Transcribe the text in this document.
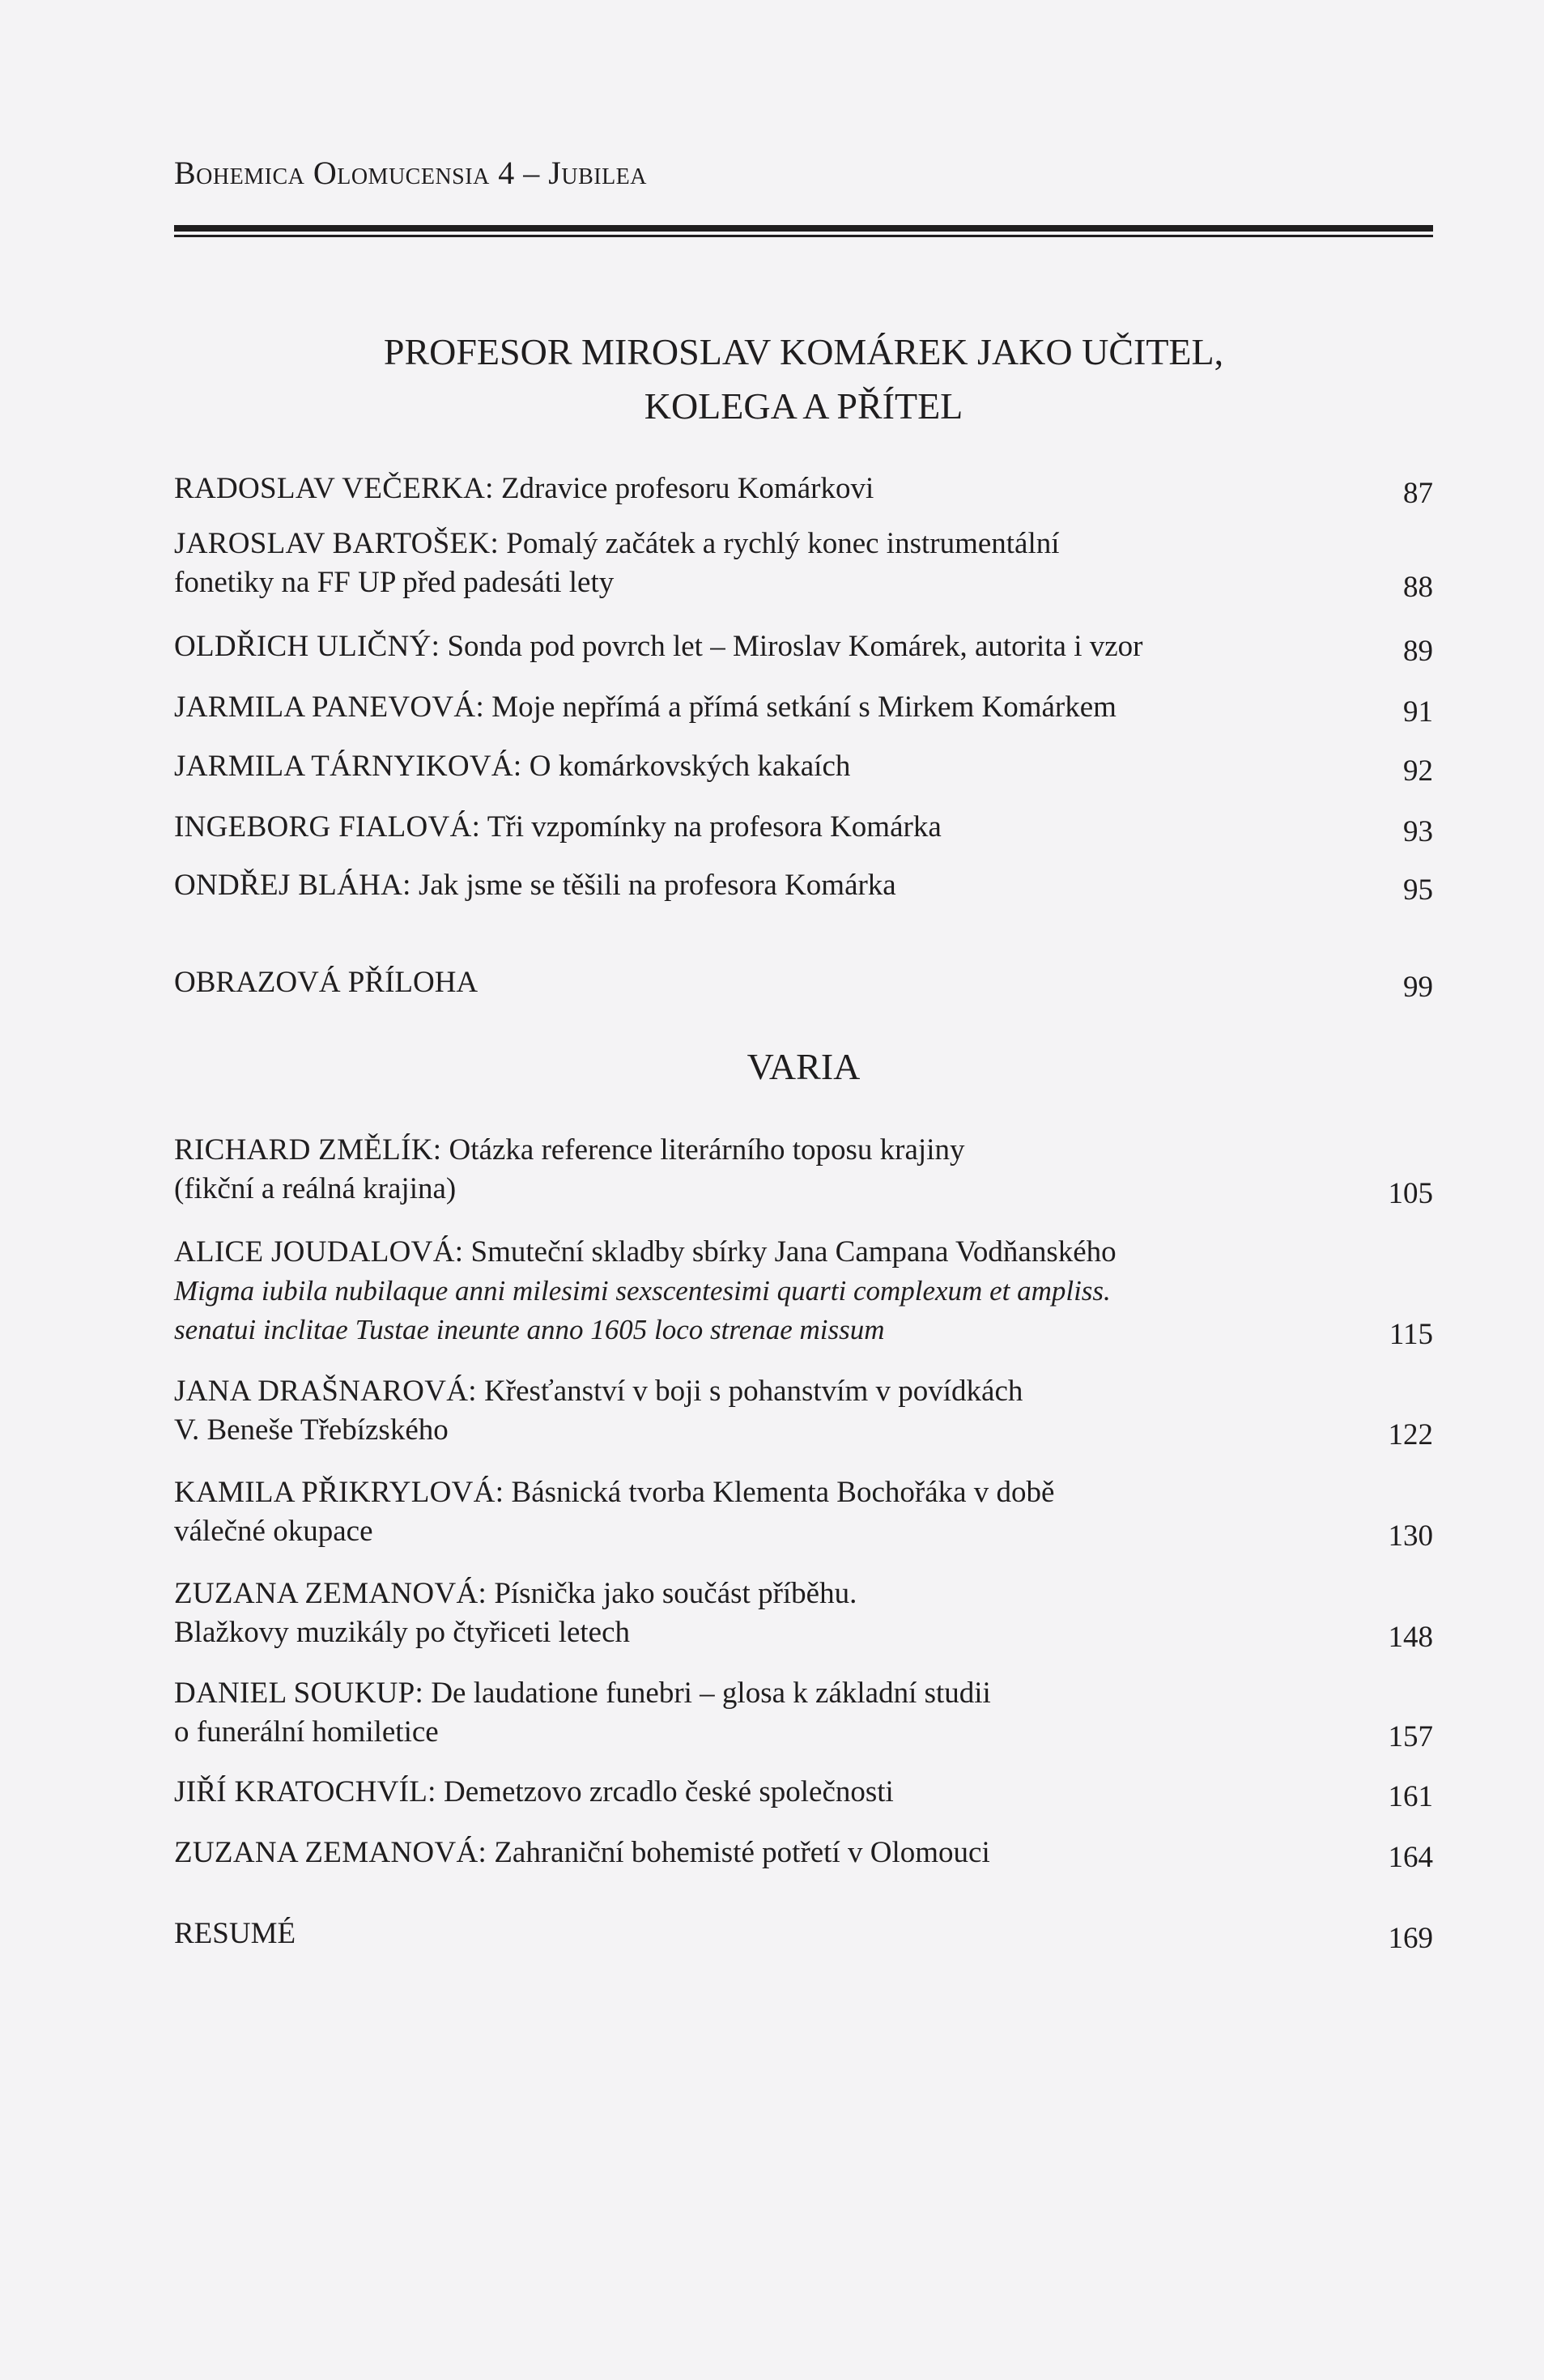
Bohemica Olomucensia 4 – Jubilea
PROFESOR MIROSLAV KOMÁREK JAKO UČITEL,
KOLEGA A PŘÍTEL
RADOSLAV VEČERKA: Zdravice profesoru Komárkovi	87
JAROSLAV BARTOŠEK: Pomalý začátek a rychlý konec instrumentální
fonetiky na FF UP před padesáti lety	88
OLDŘICH ULIČNÝ: Sonda pod povrch let – Miroslav Komárek, autorita i vzor	89
JARMILA PANEVOVÁ: Moje nepřímá a přímá setkání s Mirkem Komárkem	91
JARMILA TÁRNYIKOVÁ: O komárkovských kakaích	92
INGEBORG FIALOVÁ: Tři vzpomínky na profesora Komárka	93
ONDŘEJ BLÁHA: Jak jsme se těšili na profesora Komárka	95
OBRAZOVÁ PŘÍLOHA	99
VARIA
RICHARD ZMĚLÍK: Otázka reference literárního toposu krajiny
(fikční a reálná krajina)	105
ALICE JOUDALOVÁ: Smuteční skladby sbírky Jana Campana Vodňanského
Migma iubila nubilaque anni milesimi sexscentesimi quarti complexum et ampliss.
senatui inclitae Tustae ineunte anno 1605 loco strenae missum	115
JANA DRAŠNAROVÁ: Křesťanství v boji s pohanstvím v povídkách
V. Beneše Třebízského	122
KAMILA PŘIKRYLOVÁ: Básnická tvorba Klementa Bochořáka v době
válečné okupace	130
ZUZANA ZEMANOVÁ: Písnička jako součást příběhu.
Blažkovy muzikály po čtyřiceti letech	148
DANIEL SOUKUP: De laudatione funebri – glosa k základní studii
o funerální homiletice	157
JIŘÍ KRATOCHVÍL: Demetzovo zrcadlo české společnosti	161
ZUZANA ZEMANOVÁ: Zahraniční bohemisté potřetí v Olomouci	164
RESUMÉ	169
